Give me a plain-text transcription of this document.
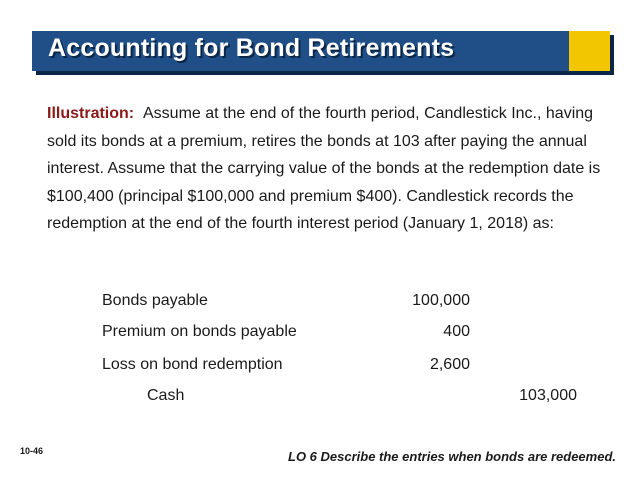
Accounting for Bond Retirements
Illustration: Assume at the end of the fourth period, Candlestick Inc., having sold its bonds at a premium, retires the bonds at 103 after paying the annual interest. Assume that the carrying value of the bonds at the redemption date is $100,400 (principal $100,000 and premium $400). Candlestick records the redemption at the end of the fourth interest period (January 1, 2018) as:
Bonds payable	100,000
Premium on bonds payable	400
Loss on bond redemption	2,600
Cash	103,000
10-46	LO 6 Describe the entries when bonds are redeemed.
